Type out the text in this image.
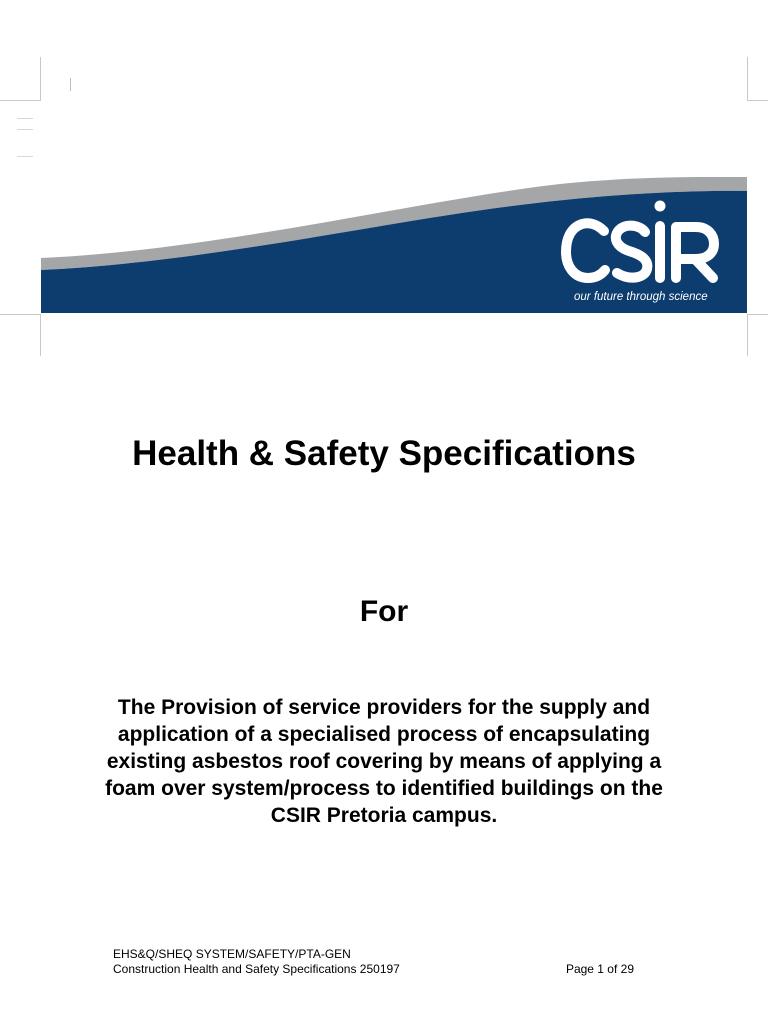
our future through science
Health & Safety Specifications
For
The Provision of service providers for the supply and application of a specialised process of encapsulating existing asbestos roof covering by means of applying a foam over system/process to identified buildings on the CSIR Pretoria campus.
EHS&Q/SHEQ SYSTEM/SAFETY/PTA-GEN
Construction Health and Safety Specifications 250197	Page 1 of 29
